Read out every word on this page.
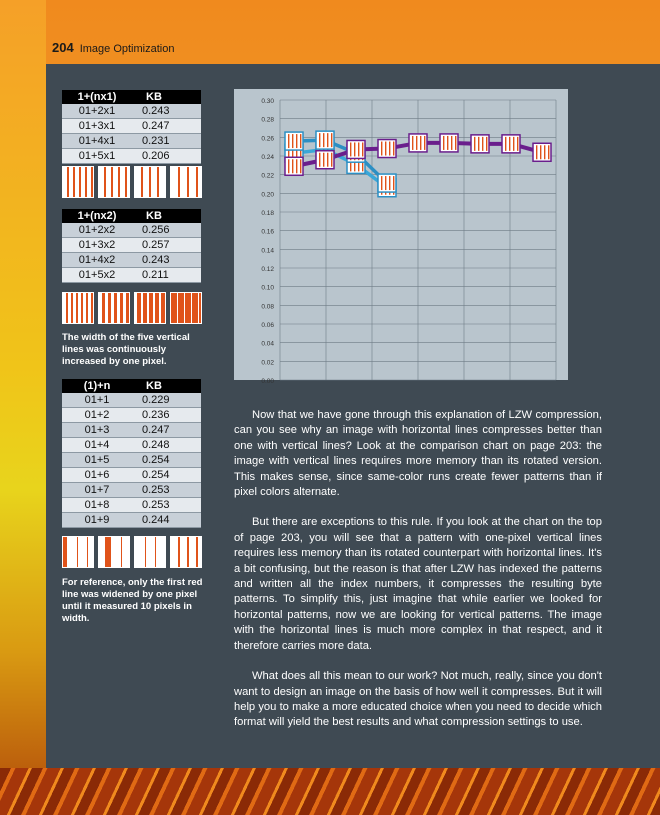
204 Image Optimization
1+(nx1)	KB
01+2x1	0.243
01+3x1	0.247
01+4x1	0.231
01+5x1	0.206
1+(nx2)	KB
01+2x2	0.256
01+3x2	0.257
01+4x2	0.243
01+5x2	0.211
The width of the five vertical lines was continuously increased by one pixel.
(1)+n	KB
01+1	0.229
01+2	0.236
01+3	0.247
01+4	0.248
01+5	0.254
01+6	0.254
01+7	0.253
01+8	0.253
01+9	0.244
For reference, only the first red line was widened by one pixel until it measured 10 pixels in width.
0.00
0.02
0.04
0.06
0.08
0.10
0.12
0.14
0.16
0.18
0.20
0.22
0.24
0.26
0.28
0.30

Now that we have gone through this explanation of LZW compression, can you see why an image with horizontal lines compresses better than one with vertical lines? Look at the comparison chart on page 203: the image with vertical lines requires more memory than its rotated version. This makes sense, since same-color runs create fewer patterns than if pixel colors alternate.

But there are exceptions to this rule. If you look at the chart on the top of page 203, you will see that a pattern with one-pixel vertical lines requires less memory than its rotated counterpart with horizontal lines. It's a bit confusing, but the reason is that after LZW has indexed the patterns and written all the index numbers, it compresses the resulting byte patterns. To simplify this, just imagine that while earlier we looked for horizontal patterns, now we are looking for vertical patterns. The image with the horizontal lines is much more complex in that respect, and it therefore carries more data.

What does all this mean to our work? Not much, really, since you don't want to design an image on the basis of how well it compresses. But it will help you to make a more educated choice when you need to decide which format will yield the best results and what compression settings to use.
